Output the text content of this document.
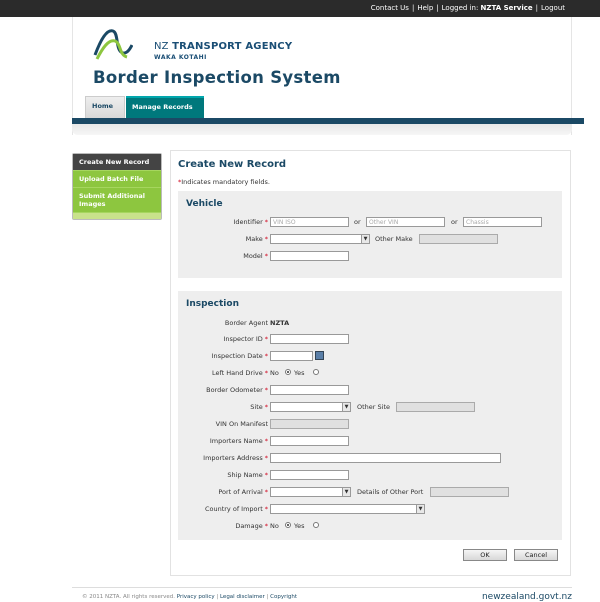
Contact Us | Help | Logged in: NZTA Service | Logout
NZ TRANSPORT AGENCY
WAKA KOTAHI
Border Inspection System
Home	Manage Records
Create New Record
Upload Batch File
Submit Additional Images
Create New Record
*Indicates mandatory fields.
Vehicle
Identifier * VIN ISO	or	Other VIN	or	Chassis
Make *	▼ Other Make
Model *
Inspection
Border Agent NZTA
Inspector ID *
Inspection Date *
Left Hand Drive * No Yes
Border Odometer *
Site *	▼ Other Site
VIN On Manifest
Importers Name *
Importers Address *
Ship Name *
Port of Arrival *	▼ Details of Other Port
Country of Import *	▼
Damage * No Yes
OK	Cancel
© 2011 NZTA. All rights reserved. Privacy policy | Legal disclaimer | Copyright	newzealand.govt.nz
